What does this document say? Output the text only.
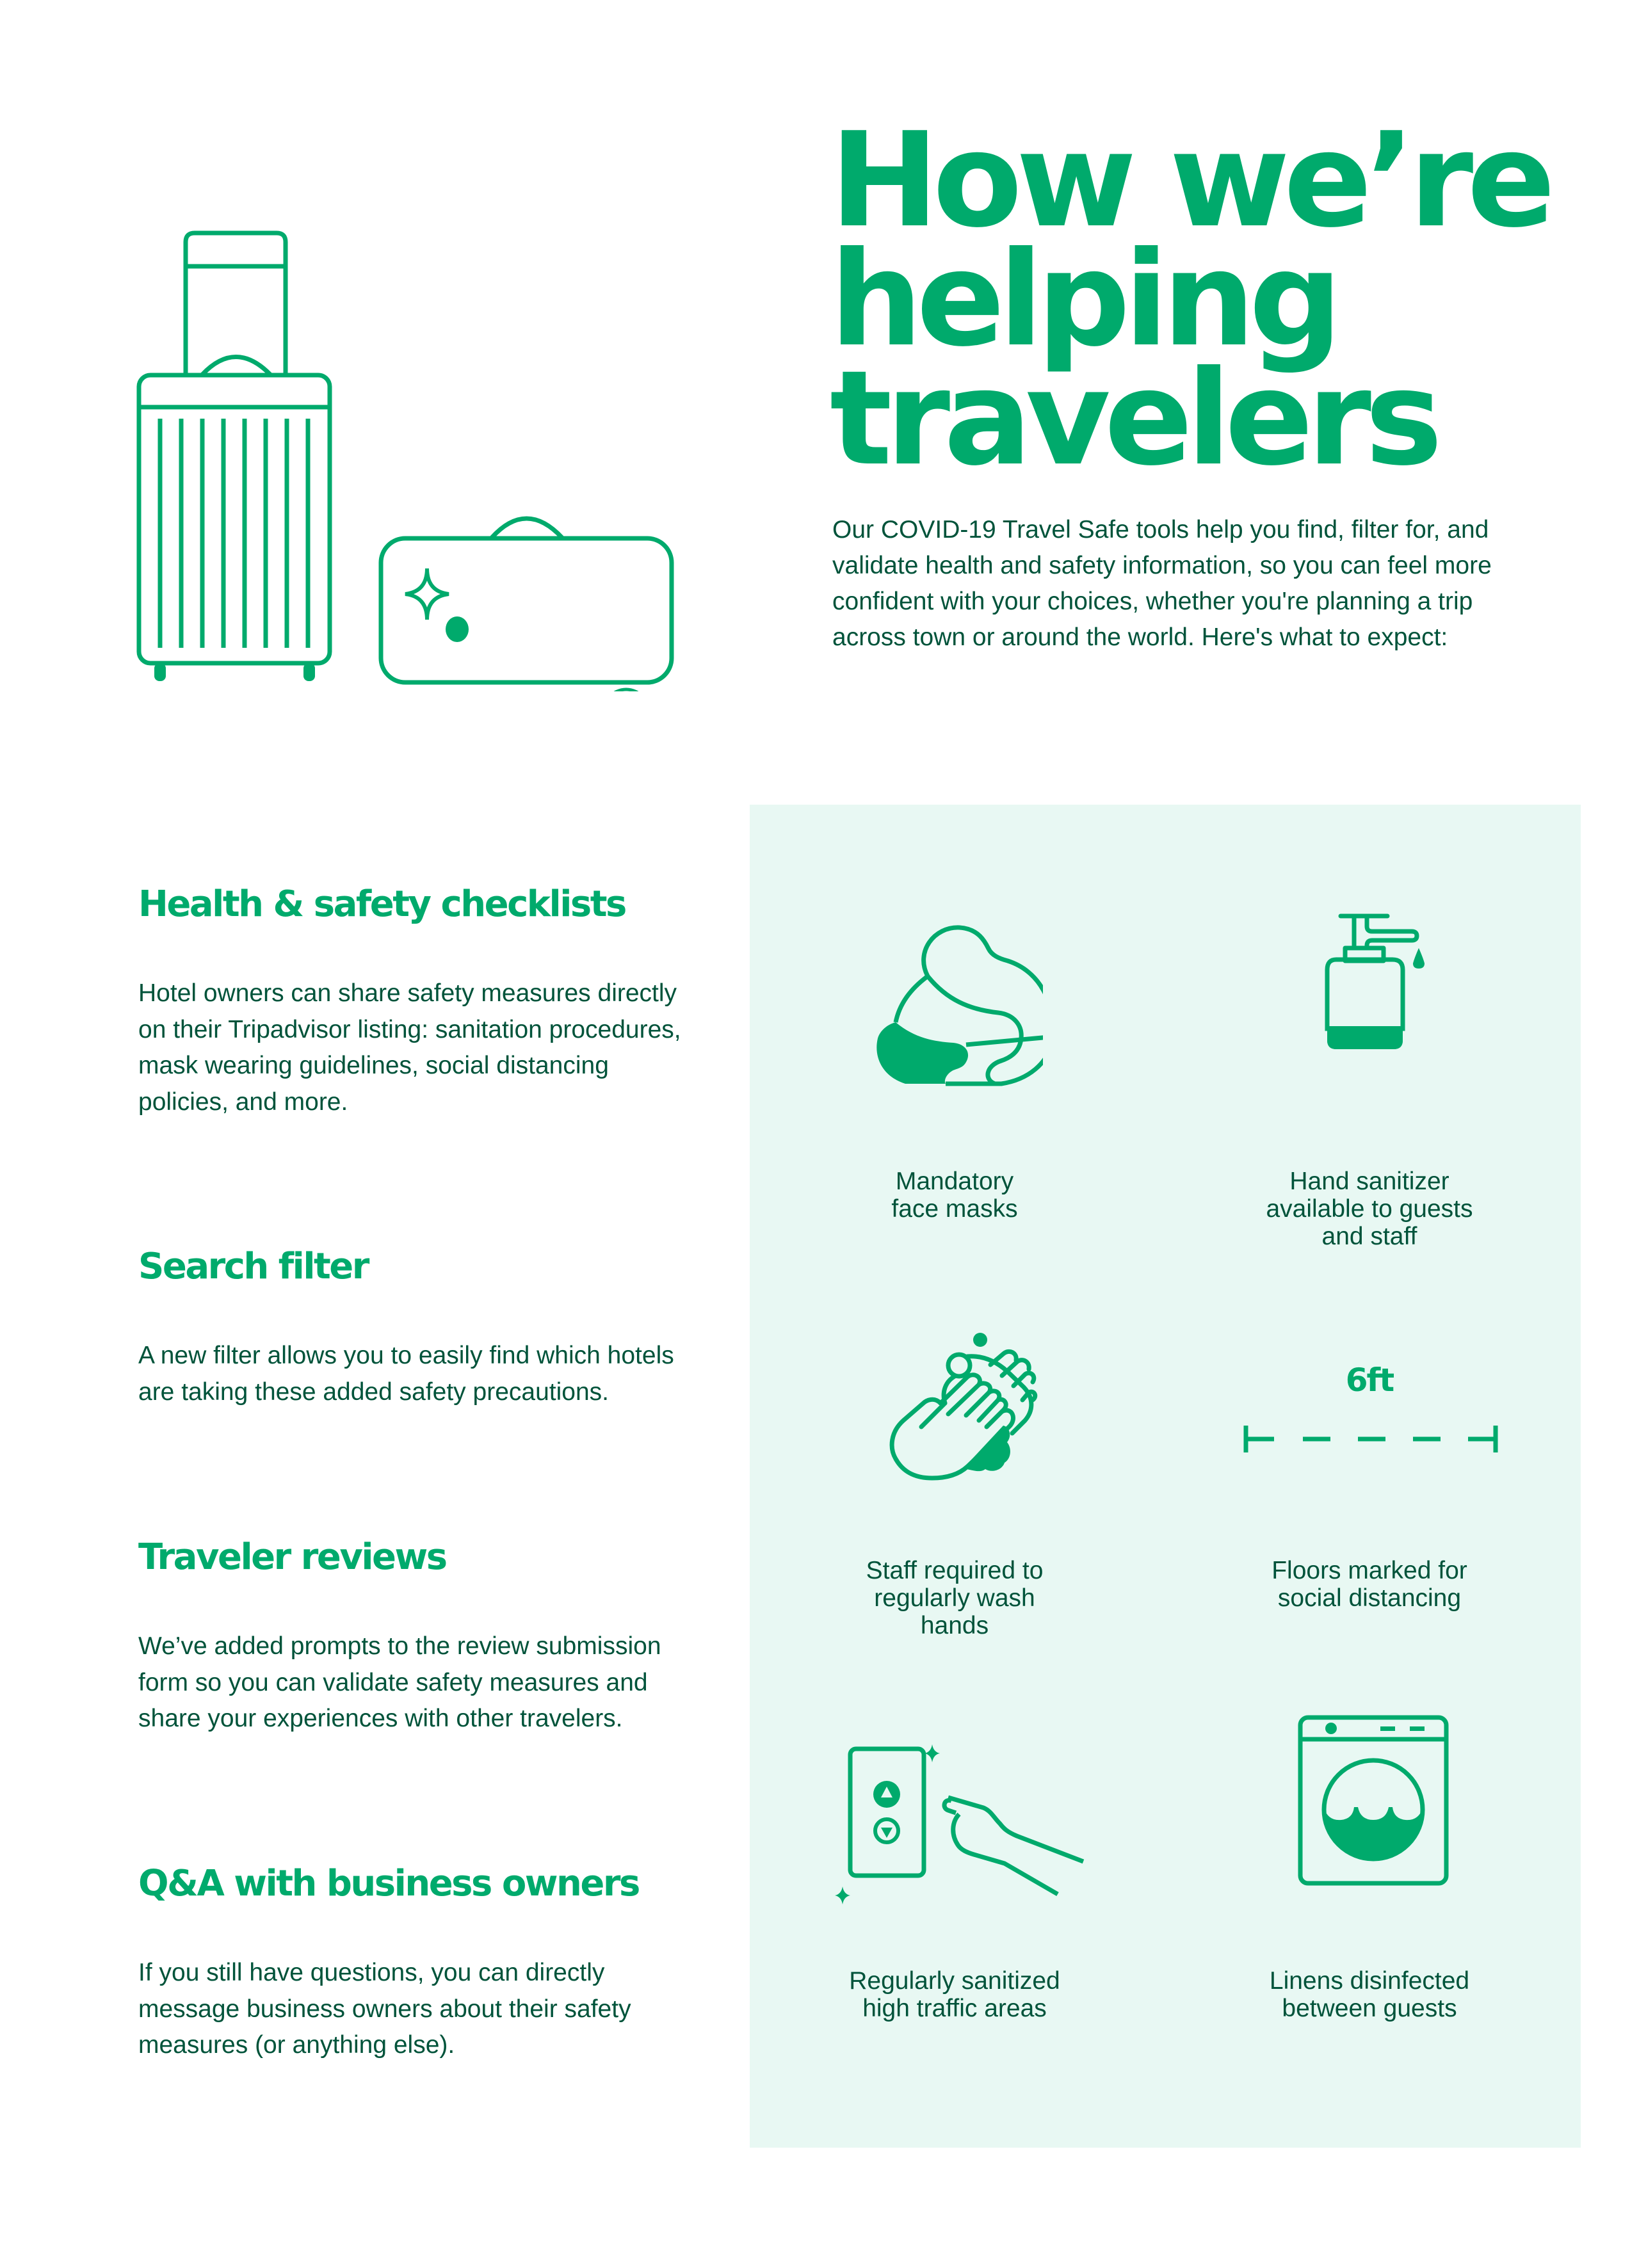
How we’re
helping
travelers

Our COVID-19 Travel Safe tools help you find, filter for, and validate health and safety information, so you can feel more confident with your choices, whether you're planning a trip across town or around the world. Here's what to expect:

Health & safety checklists

Hotel owners can share safety measures directly on their Tripadvisor listing: sanitation procedures, mask wearing guidelines, social distancing policies, and more.

Search filter

A new filter allows you to easily find which hotels are taking these added safety precautions.

Traveler reviews

We’ve added prompts to the review submission form so you can validate safety measures and share your experiences with other travelers.

Q&A with business owners

If you still have questions, you can directly message business owners about their safety measures (or anything else).

Mandatory
face masks
Hand sanitizer
available to guests
and staff
Staff required to
regularly wash
hands
6ft
Floors marked for
social distancing
Regularly sanitized
high traffic areas
Linens disinfected
between guests
